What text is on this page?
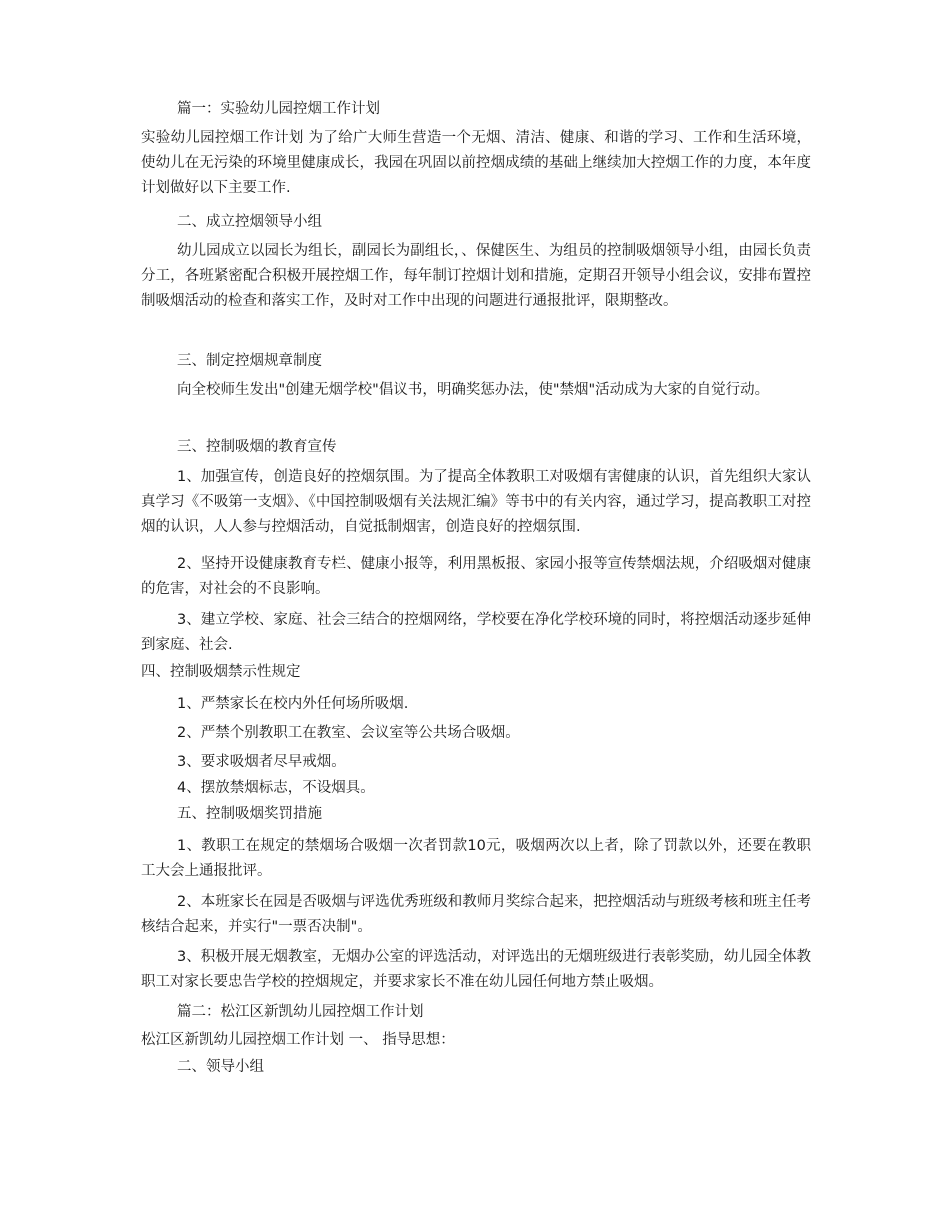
篇一：实验幼儿园控烟工作计划

实验幼儿园控烟工作计划 为了给广大师生营造一个无烟、清洁、健康、和谐的学习、工作和生活环境，使幼儿在无污染的环境里健康成长，我园在巩固以前控烟成绩的基础上继续加大控烟工作的力度，本年度计划做好以下主要工作.

二、成立控烟领导小组

幼儿园成立以园长为组长，副园长为副组长，、保健医生、为组员的控制吸烟领导小组，由园长负责分工，各班紧密配合积极开展控烟工作，每年制订控烟计划和措施，定期召开领导小组会议，安排布置控制吸烟活动的检查和落实工作，及时对工作中出现的问题进行通报批评，限期整改。

三、制定控烟规章制度

向全校师生发出"创建无烟学校"倡议书，明确奖惩办法，使"禁烟"活动成为大家的自觉行动。

三、控制吸烟的教育宣传

1、加强宣传，创造良好的控烟氛围。为了提高全体教职工对吸烟有害健康的认识，首先组织大家认真学习《不吸第一支烟》、《中国控制吸烟有关法规汇编》等书中的有关内容，通过学习，提高教职工对控烟的认识，人人参与控烟活动，自觉抵制烟害，创造良好的控烟氛围.

2、坚持开设健康教育专栏、健康小报等，利用黑板报、家园小报等宣传禁烟法规，介绍吸烟对健康的危害，对社会的不良影响。

3、建立学校、家庭、社会三结合的控烟网络，学校要在净化学校环境的同时，将控烟活动逐步延伸到家庭、社会.

四、控制吸烟禁示性规定

1、严禁家长在校内外任何场所吸烟.

2、严禁个别教职工在教室、会议室等公共场合吸烟。

3、要求吸烟者尽早戒烟。

4、摆放禁烟标志，不设烟具。

五、控制吸烟奖罚措施

1、教职工在规定的禁烟场合吸烟一次者罚款10元，吸烟两次以上者，除了罚款以外，还要在教职工大会上通报批评。

2、本班家长在园是否吸烟与评选优秀班级和教师月奖综合起来，把控烟活动与班级考核和班主任考核结合起来，并实行"一票否决制"。

3、积极开展无烟教室，无烟办公室的评选活动，对评选出的无烟班级进行表彰奖励，幼儿园全体教职工对家长要忠告学校的控烟规定，并要求家长不准在幼儿园任何地方禁止吸烟。

篇二：松江区新凯幼儿园控烟工作计划

松江区新凯幼儿园控烟工作计划 一、 指导思想：

二、领导小组
